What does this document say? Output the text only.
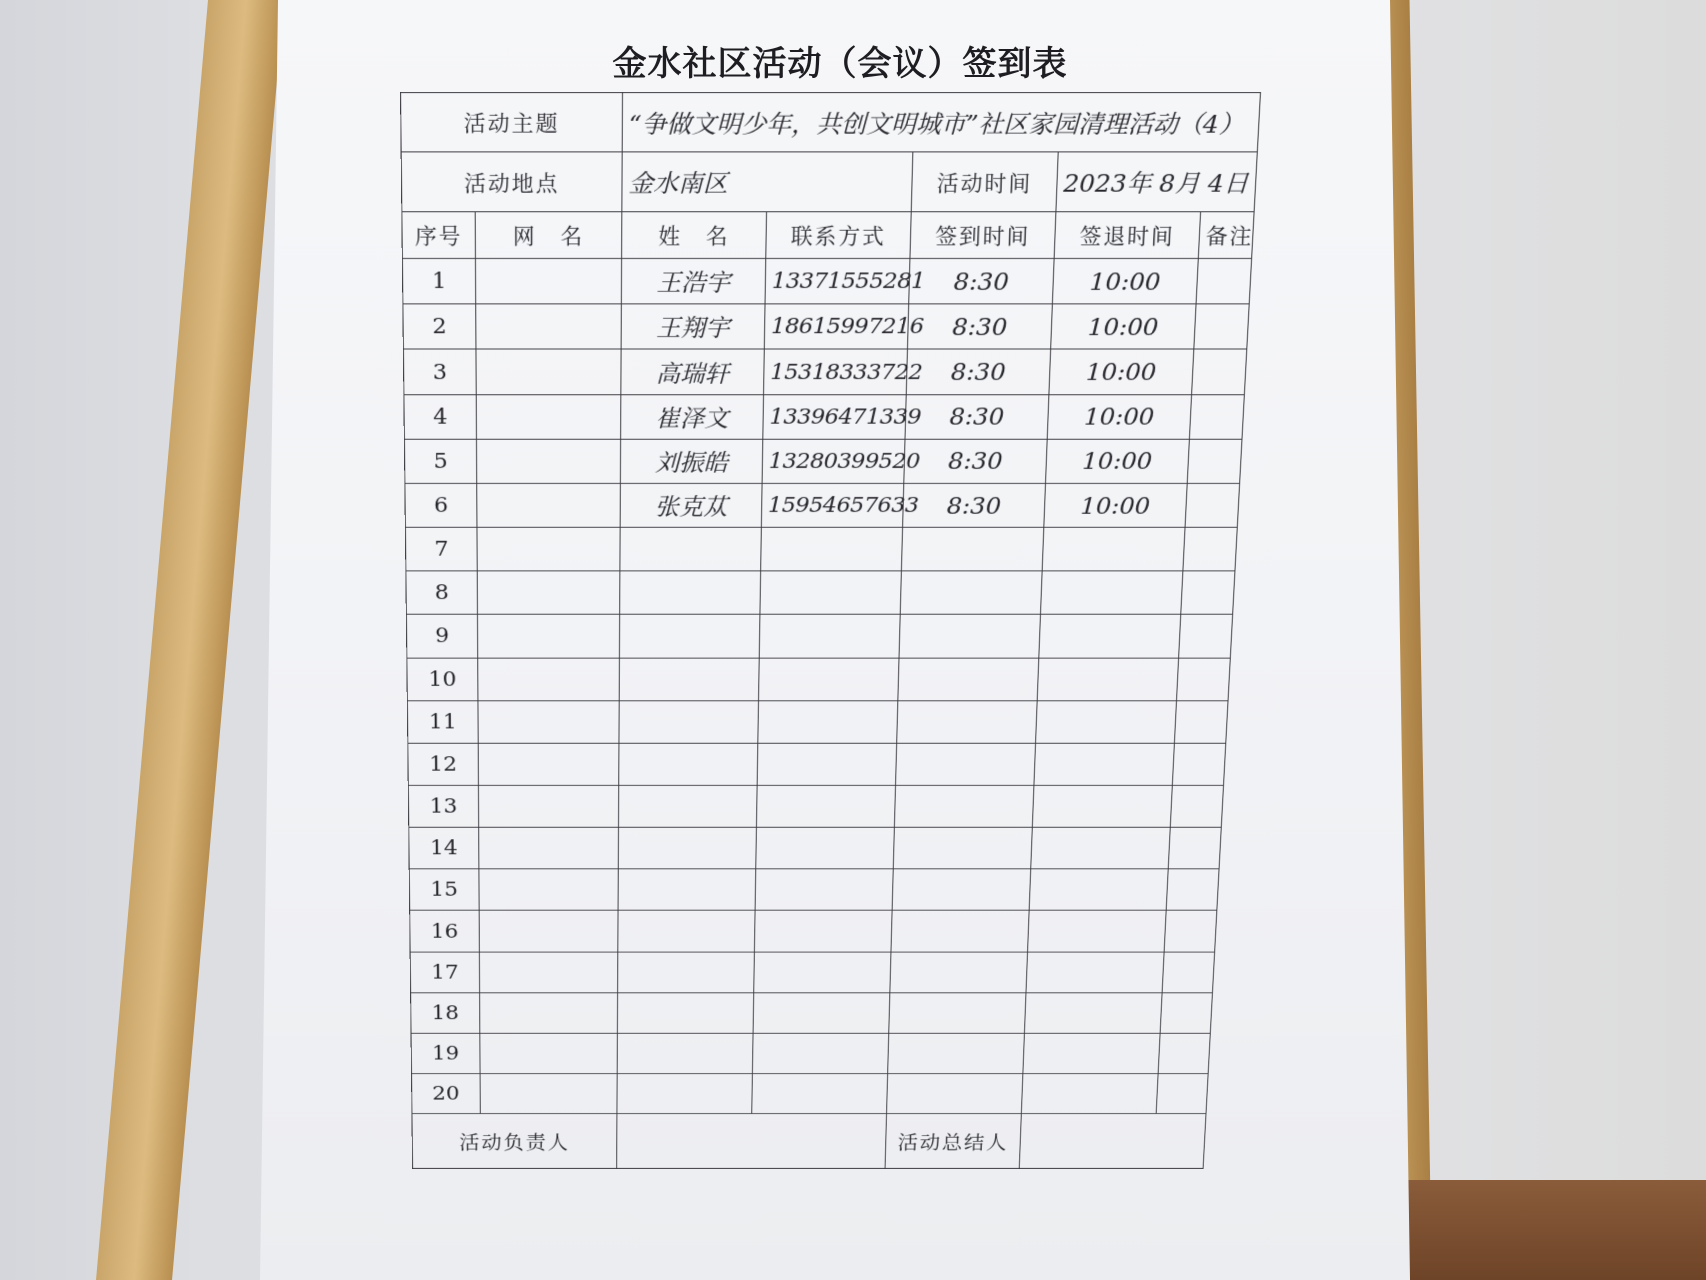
金水社区活动（会议）签到表
活动主题		“争做文明少年，共创文明城市”社区家园清理活动（4）				
活动地点		金水南区		活动时间	2023年 8月 4日	
序号	网　名	姓　名	联系方式	签到时间	签退时间	备注
1		王浩宇	13371555281	8:30	10:00	
2		王翔宇	18615997216	8:30	10:00	
3		高瑞轩	15318333722	8:30	10:00	
4		崔泽文	13396471339	8:30	10:00	
5		刘振皓	13280399520	8:30	10:00	
6		张克苁	15954657633	8:30	10:00	
7						
8						
9						
10						
11						
12						
13						
14						
15						
16						
17						
18						
19						
20						
活动负责人				活动总结人		
